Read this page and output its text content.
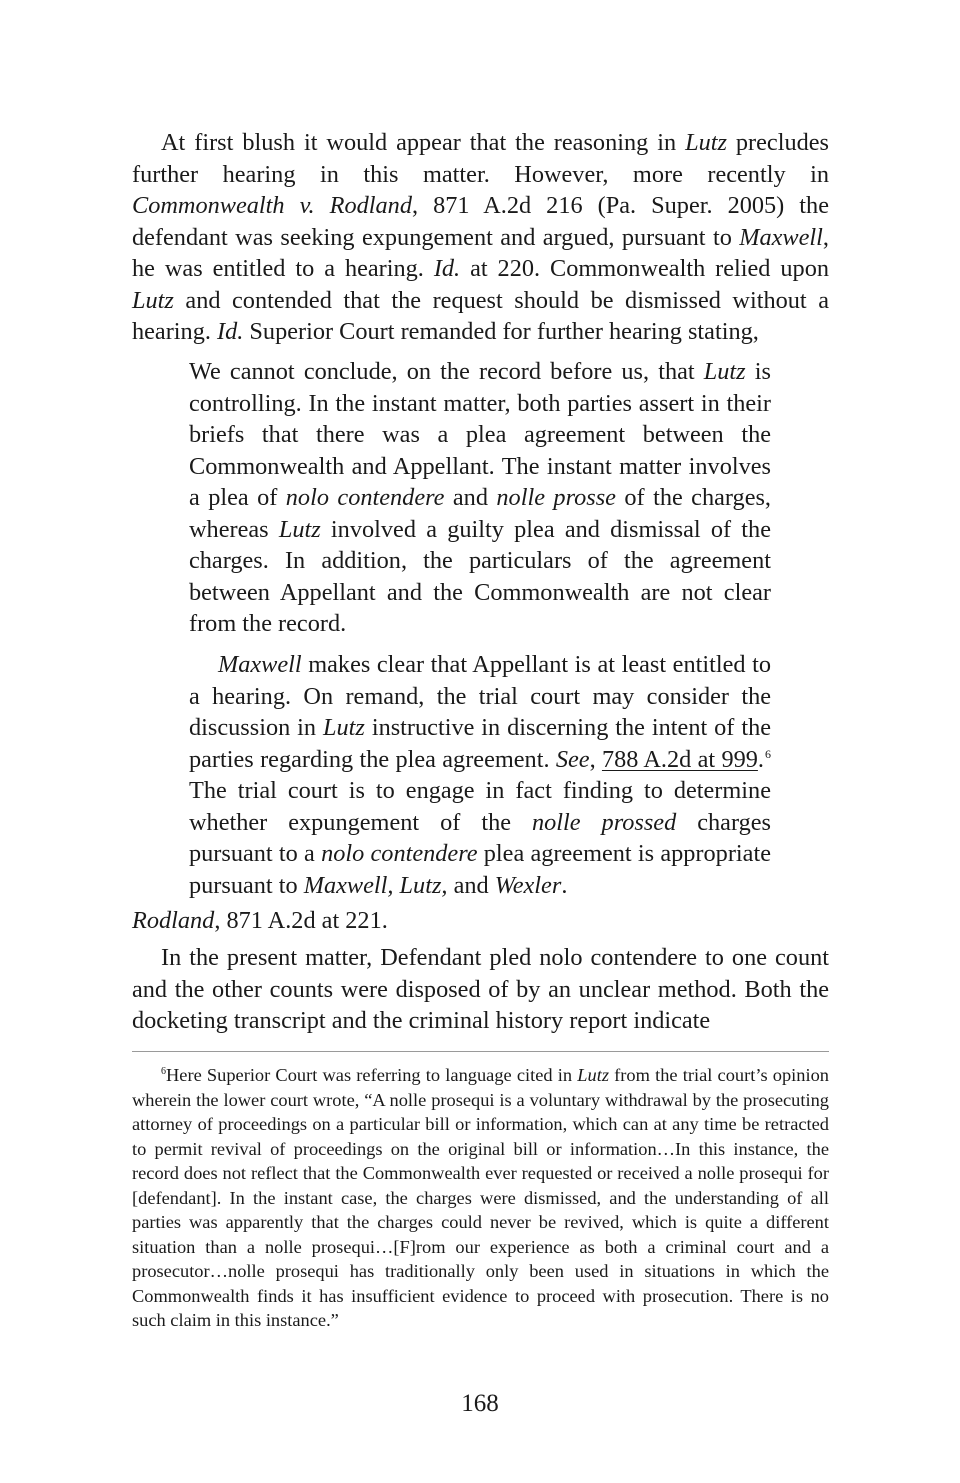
At first blush it would appear that the reasoning in Lutz precludes further hearing in this matter. However, more recently in Commonwealth v. Rodland, 871 A.2d 216 (Pa. Super. 2005) the defendant was seeking expungement and argued, pursuant to Maxwell, he was entitled to a hearing. Id. at 220. Commonwealth relied upon Lutz and contended that the request should be dismissed without a hearing. Id. Superior Court remanded for further hearing stating,

We cannot conclude, on the record before us, that Lutz is controlling. In the instant matter, both parties assert in their briefs that there was a plea agreement between the Commonwealth and Appellant. The instant matter involves a plea of nolo contendere and nolle prosse of the charges, whereas Lutz involved a guilty plea and dismissal of the charges. In addition, the particulars of the agreement between Appellant and the Commonwealth are not clear from the record.

Maxwell makes clear that Appellant is at least entitled to a hearing. On remand, the trial court may consider the discussion in Lutz instructive in discerning the intent of the parties regarding the plea agreement. See, 788 A.2d at 999.$^6$ The trial court is to engage in fact finding to determine whether expungement of the nolle prossed charges pursuant to a nolo contendere plea agreement is appropriate pursuant to Maxwell, Lutz, and Wexler.

Rodland, 871 A.2d at 221.

In the present matter, Defendant pled nolo contendere to one count and the other counts were disposed of by an unclear method. Both the docketing transcript and the criminal history report indicate

$^6$Here Superior Court was referring to language cited in Lutz from the trial court’s opinion wherein the lower court wrote, “A nolle prosequi is a voluntary withdrawal by the prosecuting attorney of proceedings on a particular bill or information, which can at any time be retracted to permit revival of proceedings on the original bill or information…In this instance, the record does not reflect that the Commonwealth ever requested or received a nolle prosequi for [defendant]. In the instant case, the charges were dismissed, and the understanding of all parties was apparently that the charges could never be revived, which is quite a different situation than a nolle prosequi…[F]rom our experience as both a criminal court and a prosecutor…nolle prosequi has traditionally only been used in situations in which the Commonwealth finds it has insufficient evidence to proceed with prosecution. There is no such claim in this instance.”

168
